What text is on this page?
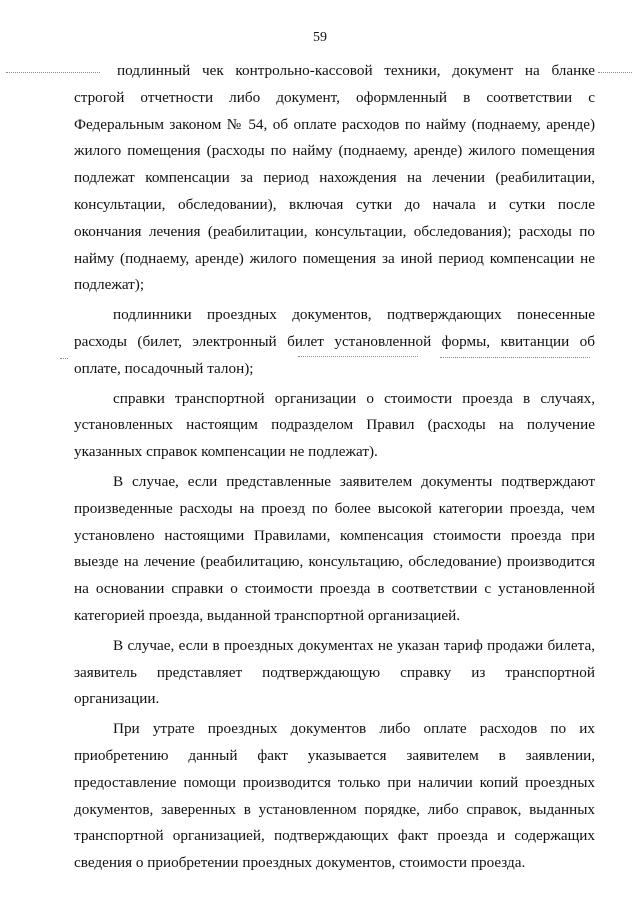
59

подлинный чек контрольно-кассовой техники, документ на бланке строгой отчетности либо документ, оформленный в соответствии с Федеральным законом № 54, об оплате расходов по найму (поднаему, аренде) жилого помещения (расходы по найму (поднаему, аренде) жилого помещения подлежат компенсации за период нахождения на лечении (реабилитации, консультации, обследовании), включая сутки до начала и сутки после окончания лечения (реабилитации, консультации, обследования); расходы по найму (поднаему, аренде) жилого помещения за иной период компенсации не подлежат);

подлинники проездных документов, подтверждающих понесенные расходы (билет, электронный билет установленной формы, квитанции об оплате, посадочный талон);

справки транспортной организации о стоимости проезда в случаях, установленных настоящим подразделом Правил (расходы на получение указанных справок компенсации не подлежат).

В случае, если представленные заявителем документы подтверждают произведенные расходы на проезд по более высокой категории проезда, чем установлено настоящими Правилами, компенсация стоимости проезда при выезде на лечение (реабилитацию, консультацию, обследование) производится на основании справки о стоимости проезда в соответствии с установленной категорией проезда, выданной транспортной организацией.

В случае, если в проездных документах не указан тариф продажи билета, заявитель представляет подтверждающую справку из транспортной организации.

При утрате проездных документов либо оплате расходов по их приобретению данный факт указывается заявителем в заявлении, предоставление помощи производится только при наличии копий проездных документов, заверенных в установленном порядке, либо справок, выданных транспортной организацией, подтверждающих факт проезда и содержащих сведения о приобретении проездных документов, стоимости проезда.
